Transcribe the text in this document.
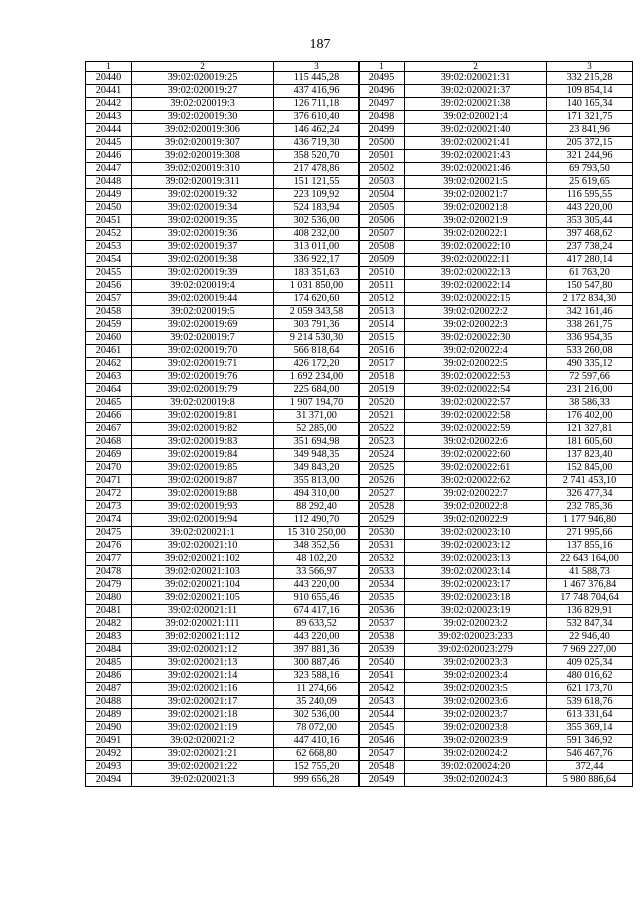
187
1	2	3
20440	39:02:020019:25	115 445,28
20441	39:02:020019:27	437 416,96
20442	39:02:020019:3	126 711,18
20443	39:02:020019:30	376 610,40
20444	39:02:020019:306	146 462,24
20445	39:02:020019:307	436 719,30
20446	39:02:020019:308	358 520,70
20447	39:02:020019:310	217 478,86
20448	39:02:020019:311	151 121,55
20449	39:02:020019:32	223 109,92
20450	39:02:020019:34	524 183,94
20451	39:02:020019:35	302 536,00
20452	39:02:020019:36	408 232,00
20453	39:02:020019:37	313 011,00
20454	39:02:020019:38	336 922,17
20455	39:02:020019:39	183 351,63
20456	39:02:020019:4	1 031 850,00
20457	39:02:020019:44	174 620,60
20458	39:02:020019:5	2 059 343,58
20459	39:02:020019:69	303 791,36
20460	39:02:020019:7	9 214 530,30
20461	39:02:020019:70	566 818,64
20462	39:02:020019:71	426 172,20
20463	39:02:020019:76	1 692 234,00
20464	39:02:020019:79	225 684,00
20465	39:02:020019:8	1 907 194,70
20466	39:02:020019:81	31 371,00
20467	39:02:020019:82	52 285,00
20468	39:02:020019:83	351 694,98
20469	39:02:020019:84	349 948,35
20470	39:02:020019:85	349 843,20
20471	39:02:020019:87	355 813,00
20472	39:02:020019:88	494 310,00
20473	39:02:020019:93	88 292,40
20474	39:02:020019:94	112 490,70
20475	39:02:020021:1	15 310 250,00
20476	39:02:020021:10	348 352,56
20477	39:02:020021:102	48 102,20
20478	39:02:020021:103	33 566,97
20479	39:02:020021:104	443 220,00
20480	39:02:020021:105	910 655,46
20481	39:02:020021:11	674 417,16
20482	39:02:020021:111	89 633,52
20483	39:02:020021:112	443 220,00
20484	39:02:020021:12	397 881,36
20485	39:02:020021:13	300 887,46
20486	39:02:020021:14	323 588,16
20487	39:02:020021:16	11 274,66
20488	39:02:020021:17	35 240,09
20489	39:02:020021:18	302 536,00
20490	39:02:020021:19	78 072,00
20491	39:02:020021:2	447 410,16
20492	39:02:020021:21	62 668,80
20493	39:02:020021:22	152 755,20
20494	39:02:020021:3	999 656,28
1	2	3
20495	39:02:020021:31	332 215,28
20496	39:02:020021:37	109 854,14
20497	39:02:020021:38	140 165,34
20498	39:02:020021:4	171 321,75
20499	39:02:020021:40	23 841,96
20500	39:02:020021:41	205 372,15
20501	39:02:020021:43	321 244,96
20502	39:02:020021:46	69 793,50
20503	39:02:020021:5	25 619,65
20504	39:02:020021:7	116 595,55
20505	39:02:020021:8	443 220,00
20506	39:02:020021:9	353 305,44
20507	39:02:020022:1	397 468,62
20508	39:02:020022:10	237 738,24
20509	39:02:020022:11	417 280,14
20510	39:02:020022:13	61 763,20
20511	39:02:020022:14	150 547,80
20512	39:02:020022:15	2 172 834,30
20513	39:02:020022:2	342 161,46
20514	39:02:020022:3	338 261,75
20515	39:02:020022:30	336 954,35
20516	39:02:020022:4	533 260,08
20517	39:02:020022:5	490 335,12
20518	39:02:020022:53	72 597,66
20519	39:02:020022:54	231 216,00
20520	39:02:020022:57	38 586,33
20521	39:02:020022:58	176 402,00
20522	39:02:020022:59	121 327,81
20523	39:02:020022:6	181 605,60
20524	39:02:020022:60	137 823,40
20525	39:02:020022:61	152 845,00
20526	39:02:020022:62	2 741 453,10
20527	39:02:020022:7	326 477,34
20528	39:02:020022:8	232 785,36
20529	39:02:020022:9	1 177 946,80
20530	39:02:020023:10	271 995,66
20531	39:02:020023:12	137 855,16
20532	39:02:020023:13	22 643 164,00
20533	39:02:020023:14	41 588,73
20534	39:02:020023:17	1 467 376,84
20535	39:02:020023:18	17 748 704,64
20536	39:02:020023:19	136 829,91
20537	39:02:020023:2	532 847,34
20538	39:02:020023:233	22 946,40
20539	39:02:020023:279	7 969 227,00
20540	39:02:020023:3	409 025,34
20541	39:02:020023:4	480 016,62
20542	39:02:020023:5	621 173,70
20543	39:02:020023:6	539 618,76
20544	39:02:020023:7	613 331,64
20545	39:02:020023:8	355 369,14
20546	39:02:020023:9	591 346,92
20547	39:02:020024:2	546 467,76
20548	39:02:020024:20	372,44
20549	39:02:020024:3	5 980 886,64
